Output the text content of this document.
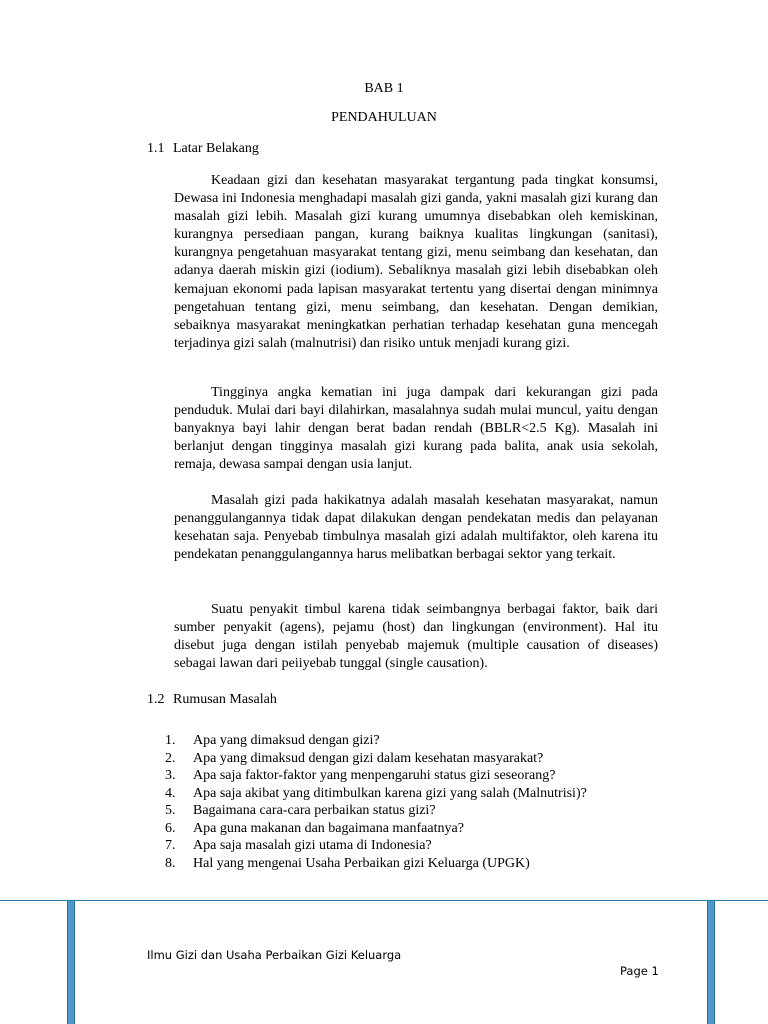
BAB 1
PENDAHULUAN
1.1 Latar Belakang

Keadaan gizi dan kesehatan masyarakat tergantung pada tingkat konsumsi, Dewasa ini Indonesia menghadapi masalah gizi ganda, yakni masalah gizi kurang dan masalah gizi lebih. Masalah gizi kurang umumnya disebabkan oleh kemiskinan, kurangnya persediaan pangan, kurang baiknya kualitas lingkungan (sanitasi), kurangnya pengetahuan masyarakat tentang gizi, menu seimbang dan kesehatan, dan adanya daerah miskin gizi (iodium). Sebaliknya masalah gizi lebih disebabkan oleh kemajuan ekonomi pada lapisan masyarakat tertentu yang disertai dengan minimnya pengetahuan tentang gizi, menu seimbang, dan kesehatan. Dengan demikian, sebaiknya masyarakat meningkatkan perhatian terhadap kesehatan guna mencegah terjadinya gizi salah (malnutrisi) dan risiko untuk menjadi kurang gizi.

Tingginya angka kematian ini juga dampak dari kekurangan gizi pada penduduk. Mulai dari bayi dilahirkan, masalahnya sudah mulai muncul, yaitu dengan banyaknya bayi lahir dengan berat badan rendah (BBLR<2.5 Kg). Masalah ini berlanjut dengan tingginya masalah gizi kurang pada balita, anak usia sekolah, remaja, dewasa sampai dengan usia lanjut.

Masalah gizi pada hakikatnya adalah masalah kesehatan masyarakat, namun penanggulangannya tidak dapat dilakukan dengan pendekatan medis dan pelayanan kesehatan saja. Penyebab timbulnya masalah gizi adalah multifaktor, oleh karena itu pendekatan penanggulangannya harus melibatkan berbagai sektor yang terkait.

Suatu penyakit timbul karena tidak seimbangnya berbagai faktor, baik dari sumber penyakit (agens), pejamu (host) dan lingkungan (environment). Hal itu disebut juga dengan istilah penyebab majemuk (multiple causation of diseases) sebagai lawan dari peiiyebab tunggal (single causation).

1.2 Rumusan Masalah
1.	Apa yang dimaksud dengan gizi?
2.	Apa yang dimaksud dengan gizi dalam kesehatan masyarakat?
3.	Apa saja faktor-faktor yang menpengaruhi status gizi seseorang?
4.	Apa saja akibat yang ditimbulkan karena gizi yang salah (Malnutrisi)?
5.	Bagaimana cara-cara perbaikan status gizi?
6.	Apa guna makanan dan bagaimana manfaatnya?
7.	Apa saja masalah gizi utama di Indonesia?
8.	Hal yang mengenai Usaha Perbaikan gizi Keluarga (UPGK)
Ilmu Gizi dan Usaha Perbaikan Gizi Keluarga
Page 1
